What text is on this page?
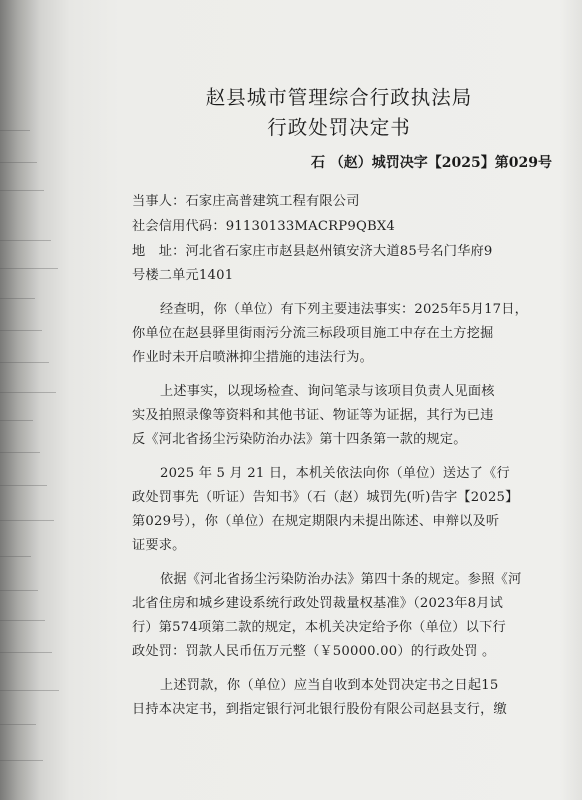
赵县城市管理综合行政执法局
行政处罚决定书
石 （赵）城罚决字【2025】第029号
当事人：石家庄高普建筑工程有限公司
社会信用代码：91130133MACRP9QBX4
地　址：河北省石家庄市赵县赵州镇安济大道85号名门华府9
号楼二单元1401
经查明，你（单位）有下列主要违法事实：2025年5月17日，
你单位在赵县驿里街雨污分流三标段项目施工中存在土方挖掘
作业时未开启喷淋抑尘措施的违法行为。
上述事实，以现场检查、询问笔录与该项目负责人见面核
实及拍照录像等资料和其他书证、物证等为证据，其行为已违
反《河北省扬尘污染防治办法》第十四条第一款的规定。
2025 年 5 月 21 日，本机关依法向你（单位）送达了《行
政处罚事先（听证）告知书》（石（赵）城罚先(听)告字【2025】
第029号），你（单位）在规定期限内未提出陈述、申辩以及听
证要求。
依据《河北省扬尘污染防治办法》第四十条的规定。参照《河
北省住房和城乡建设系统行政处罚裁量权基准》（2023年8月试
行）第574项第二款的规定，本机关决定给予你（单位）以下行
政处罚：罚款人民币伍万元整（￥50000.00）的行政处罚 。
上述罚款，你（单位）应当自收到本处罚决定书之日起15
日持本决定书，到指定银行河北银行股份有限公司赵县支行，缴
